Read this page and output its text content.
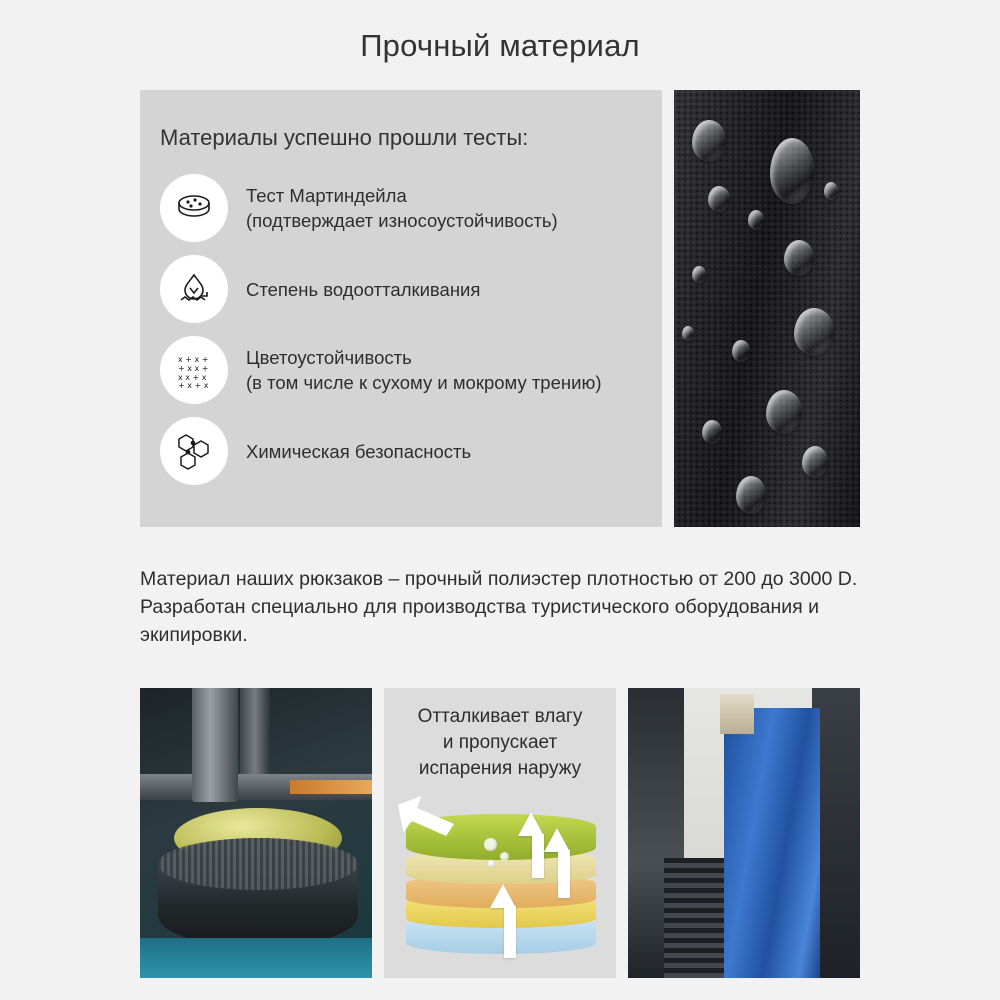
Прочный материал
Материалы успешно прошли тесты:
Тест Мартиндейла
(подтверждает износоустойчивость)
Степень водоотталкивания
x + x +
+ x x +
x x + x
+ x + x
Цветоустойчивость
(в том числе к сухому и мокрому трению)
Химическая безопасность
Материал наших рюкзаков – прочный полиэстер плотностью от 200 до 3000 D. Разработан специально для производства туристического оборудования и экипировки.
Отталкивает влагу
и пропускает
испарения наружу
